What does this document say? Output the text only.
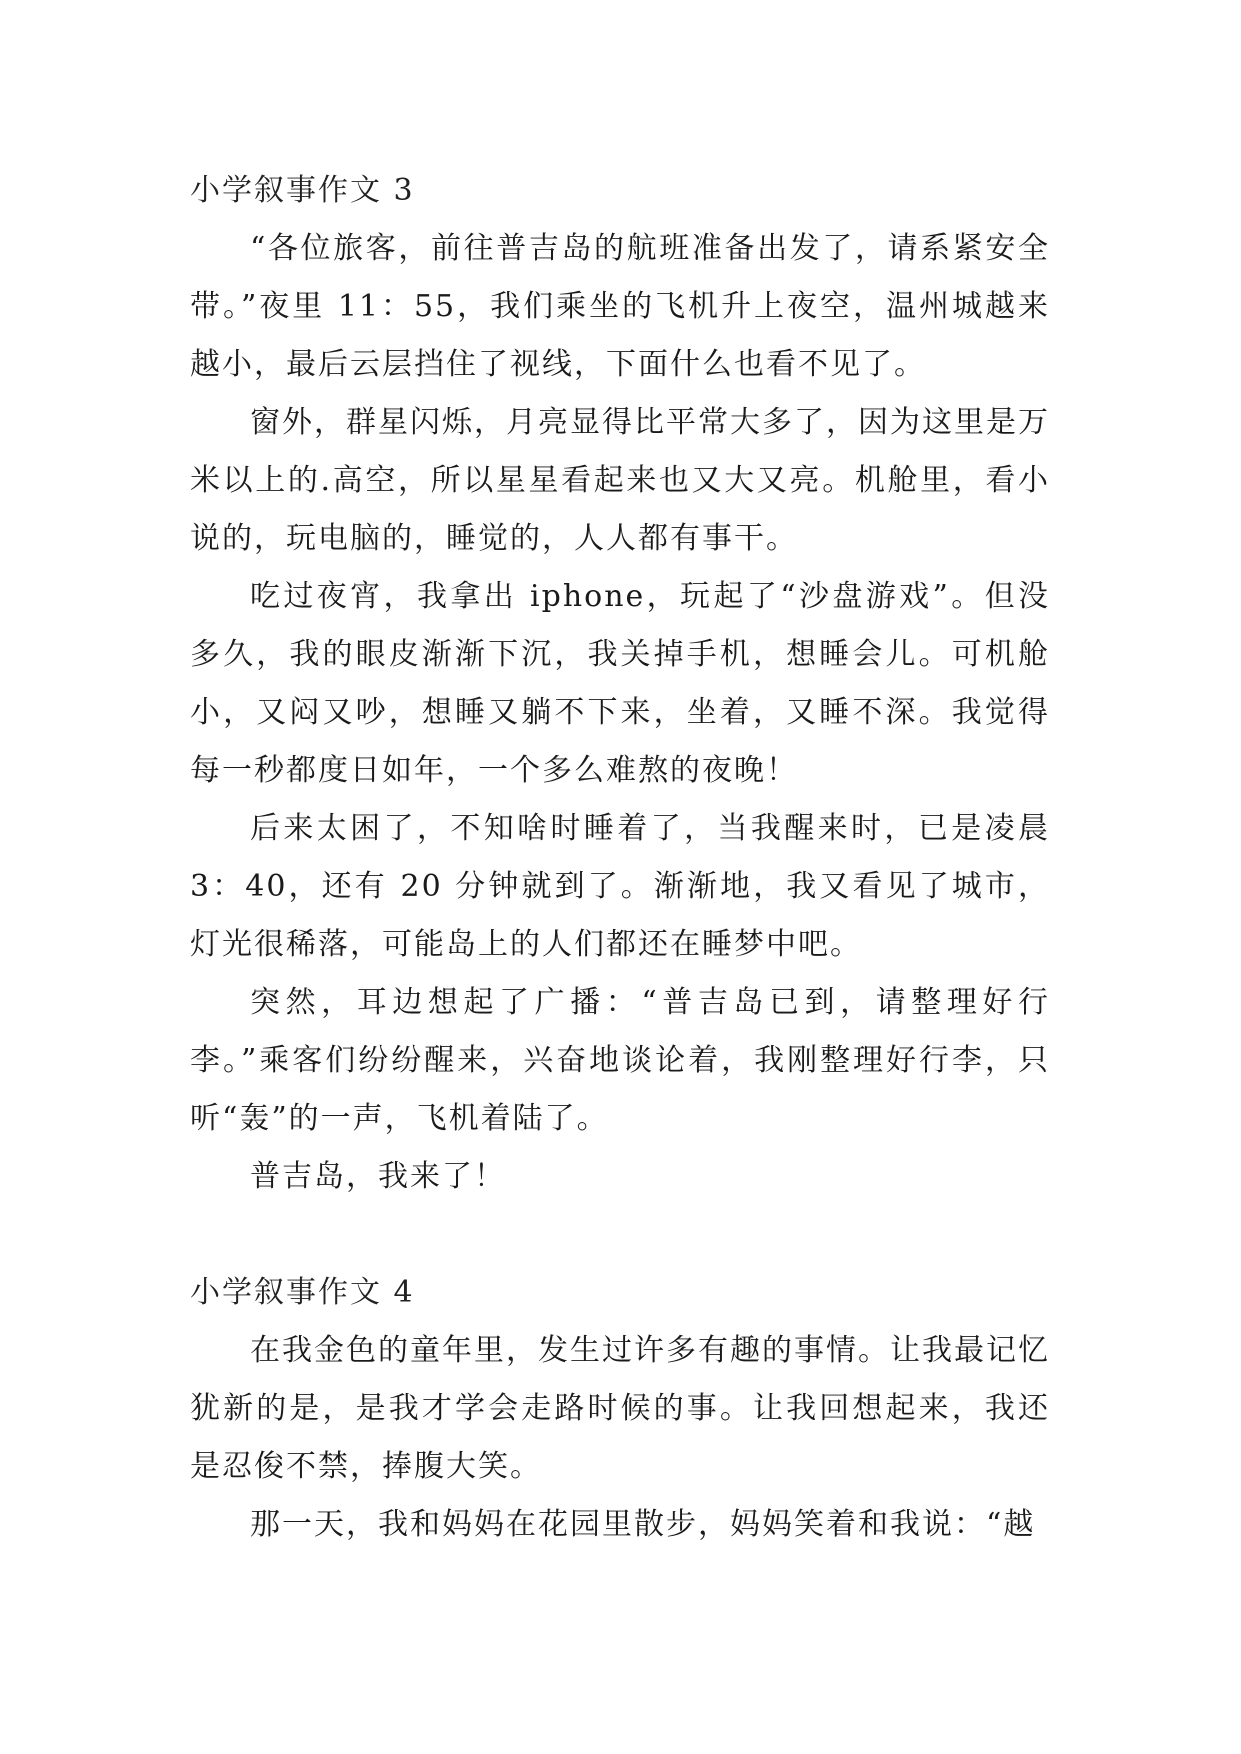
小学叙事作文 3

“各位旅客，前往普吉岛的航班准备出发了，请系紧安全带。”夜里 11：55，我们乘坐的飞机升上夜空，温州城越来越小，最后云层挡住了视线，下面什么也看不见了。

窗外，群星闪烁，月亮显得比平常大多了，因为这里是万米以上的.高空，所以星星看起来也又大又亮。机舱里，看小说的，玩电脑的，睡觉的，人人都有事干。

吃过夜宵，我拿出 iphone，玩起了“沙盘游戏”。但没多久，我的眼皮渐渐下沉，我关掉手机，想睡会儿。可机舱小，又闷又吵，想睡又躺不下来，坐着，又睡不深。我觉得每一秒都度日如年，一个多么难熬的夜晚！

后来太困了，不知啥时睡着了，当我醒来时，已是凌晨 3：40，还有 20 分钟就到了。渐渐地，我又看见了城市，灯光很稀落，可能岛上的人们都还在睡梦中吧。

突然，耳边想起了广播：“普吉岛已到，请整理好行李。”乘客们纷纷醒来，兴奋地谈论着，我刚整理好行李，只听“轰”的一声，飞机着陆了。

普吉岛，我来了！

小学叙事作文 4

在我金色的童年里，发生过许多有趣的事情。让我最记忆犹新的是，是我才学会走路时候的事。让我回想起来，我还是忍俊不禁，捧腹大笑。

那一天，我和妈妈在花园里散步，妈妈笑着和我说：“越
